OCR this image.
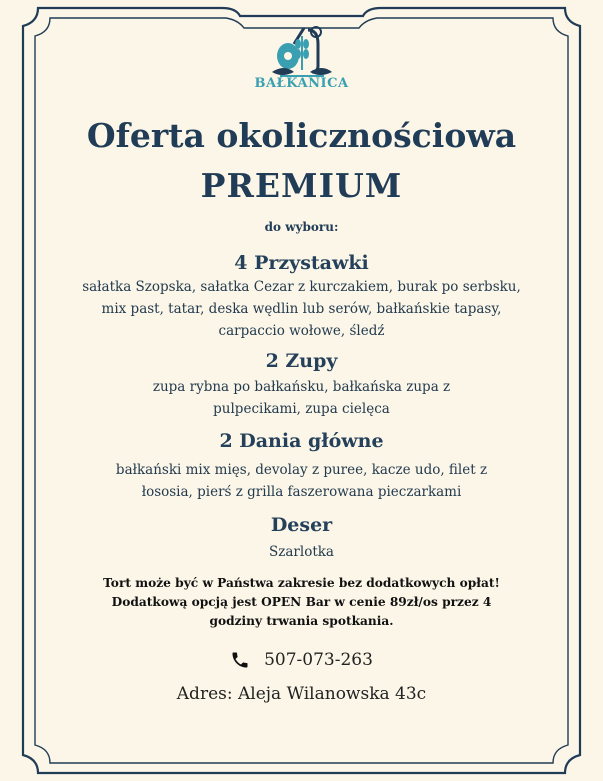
BAŁKANICA
Oferta okolicznościowa
PREMIUM
do wyboru:
4 Przystawki
sałatka Szopska, sałatka Cezar z kurczakiem, burak po serbsku, mix past, tatar, deska wędlin lub serów, bałkańskie tapasy, carpaccio wołowe, śledź
2 Zupy
zupa rybna po bałkańsku, bałkańska zupa z pulpecikami, zupa cielęca
2 Dania główne
bałkański mix mięs, devolay z puree, kacze udo, filet z łososia, pierś z grilla faszerowana pieczarkami
Deser
Szarlotka
Tort może być w Państwa zakresie bez dodatkowych opłat! Dodatkową opcją jest OPEN Bar w cenie 89zł/os przez 4 godziny trwania spotkania.
507-073-263
Adres: Aleja Wilanowska 43c
